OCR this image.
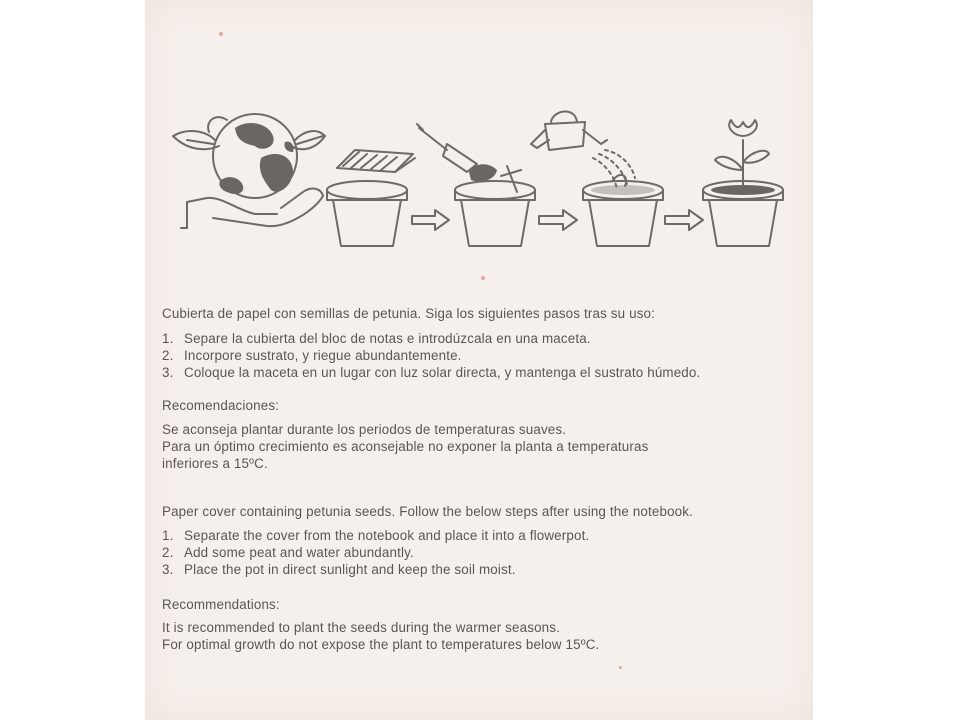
Cubierta de papel con semillas de petunia. Siga los siguientes pasos tras su uso:
1. Separe la cubierta del bloc de notas e introdúzcala en una maceta.
2. Incorpore sustrato, y riegue abundantemente.
3. Coloque la maceta en un lugar con luz solar directa, y mantenga el sustrato húmedo.
Recomendaciones:
Se aconseja plantar durante los periodos de temperaturas suaves.
Para un óptimo crecimiento es aconsejable no exponer la planta a temperaturas
inferiores a 15ºC.
Paper cover containing petunia seeds. Follow the below steps after using the notebook.
1. Separate the cover from the notebook and place it into a flowerpot.
2. Add some peat and water abundantly.
3. Place the pot in direct sunlight and keep the soil moist.
Recommendations:
It is recommended to plant the seeds during the warmer seasons.
For optimal growth do not expose the plant to temperatures below 15ºC.
